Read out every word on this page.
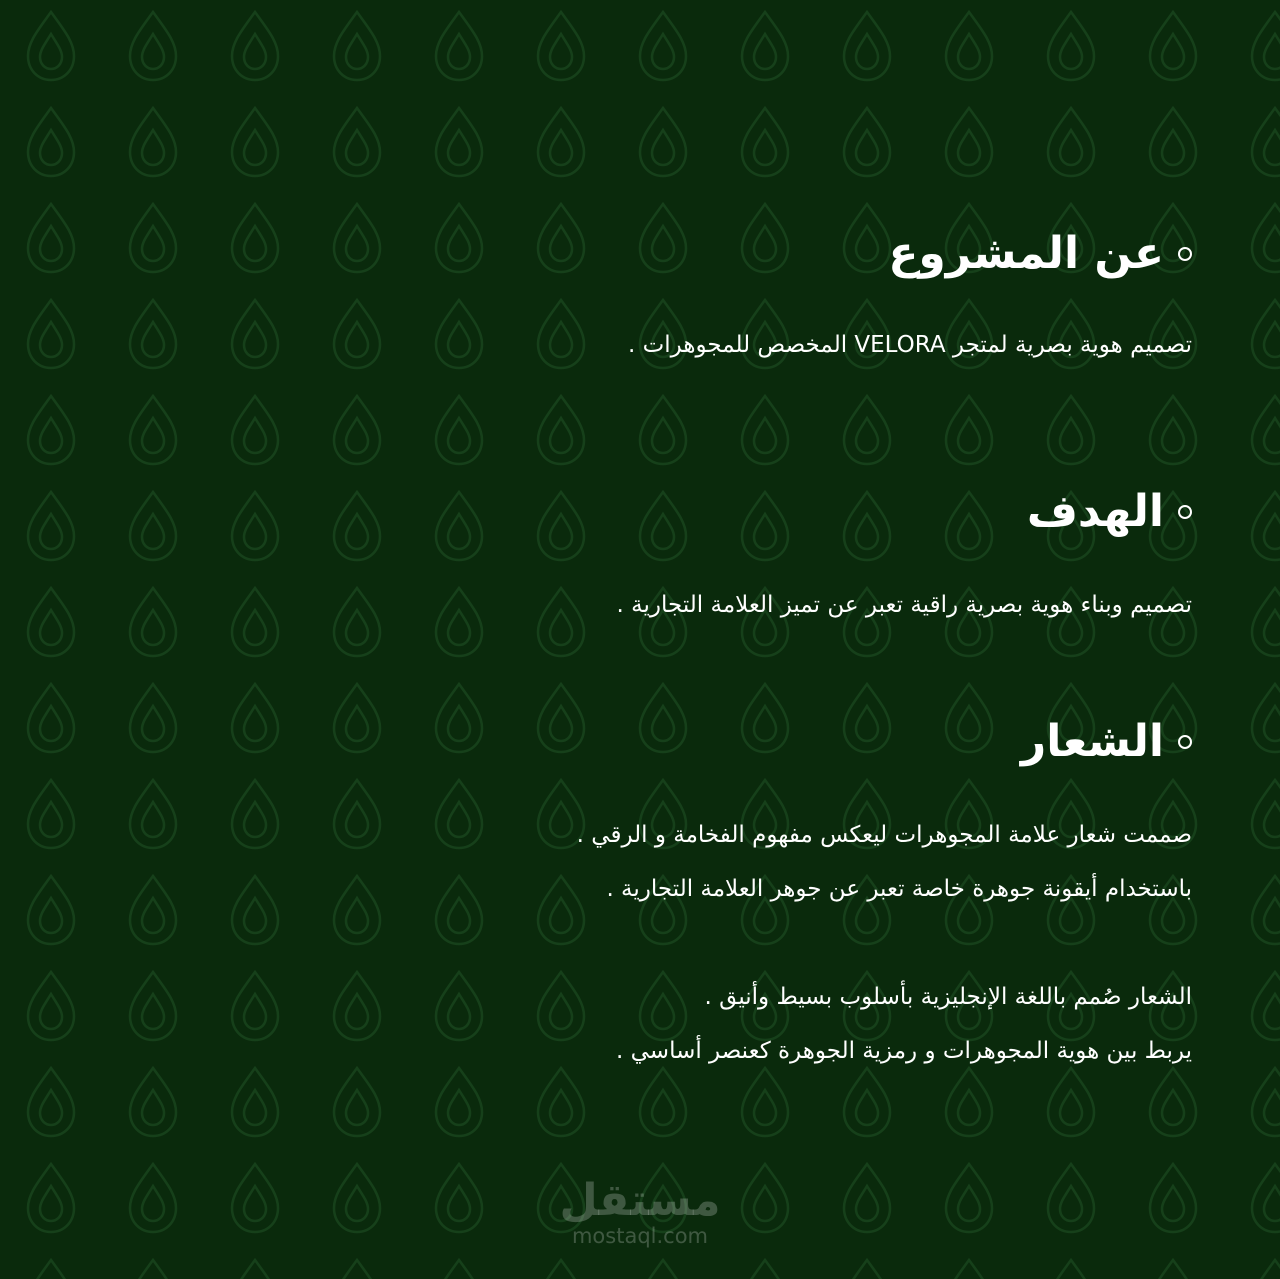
عن المشروع
تصميم هوية بصرية لمتجر VELORA المخصص للمجوهرات .
الهدف
تصميم وبناء هوية بصرية راقية تعبر عن تميز العلامة التجارية .
الشعار
صممت شعار علامة المجوهرات ليعكس مفهوم الفخامة و الرقي .
باستخدام أيقونة جوهرة خاصة تعبر عن جوهر العلامة التجارية .
الشعار صُمم باللغة الإنجليزية بأسلوب بسيط وأنيق .
يربط بين هوية المجوهرات و رمزية الجوهرة كعنصر أساسي .
مستقل
mostaql.com
